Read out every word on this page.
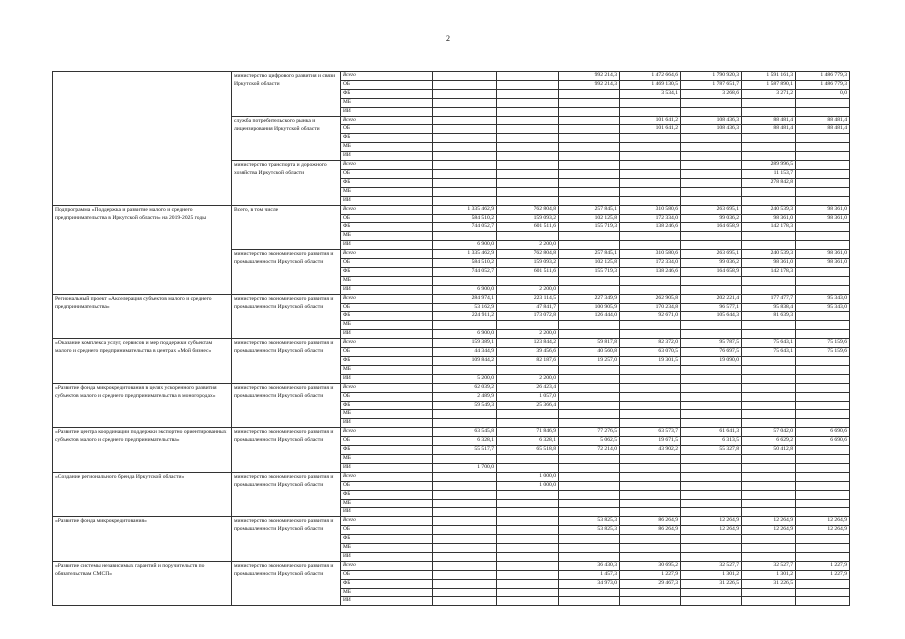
2
	министерство цифрового развития и связи Иркутской области	Всего			992 214,3	1 472 664,6	1 790 920,3	1 591 161,3	1 486 779,3
		ОБ			992 214,3	1 469 130,5	1 787 651,7	1 587 890,1	1 486 779,3
		ФБ				3 534,1	3 268,6	3 271,2	0,0
		МБ							
		ИИ							
	служба потребительского рынка и лицензирования Иркутской области	Всего				101 641,2	108 436,3	88 481,4	88 481,4
		ОБ				101 641,2	108 436,3	88 481,4	88 481,4
		ФБ							
		МБ							
		ИИ							
	министерство транспорта и дорожного хозяйства Иркутской области	Всего						289 996,5	
		ОБ						11 153,7	
		ФБ						278 842,8	
		МБ							
		ИИ							
Подпрограмма «Поддержка и развитие малого и среднего предпринимательства в Иркутской области» на 2019-2025 годы	Всего, в том числе	Всего	1 335 462,9	762 804,8	257 845,1	310 580,6	263 695,1	240 539,3	98 361,0
		ОБ	584 510,2	159 093,2	102 125,8	172 334,0	99 036,2	98 361,0	98 361,0
		ФБ	744 052,7	601 511,6	155 719,3	138 246,6	164 658,9	142 178,3	
		МБ							
		ИИ	6 900,0	2 200,0					
	министерство экономического развития и промышленности Иркутской области	Всего	1 335 462,9	762 804,8	257 845,1	310 580,6	263 695,1	240 539,3	98 361,0
		ОБ	584 510,2	159 093,2	102 125,8	172 334,0	99 036,2	98 361,0	98 361,0
		ФБ	744 052,7	601 511,6	155 719,3	138 246,6	164 658,9	142 178,3	
		МБ							
		ИИ	6 900,0	2 200,0					
Региональный проект «Акселерация субъектов малого и среднего предпринимательства»	министерство экономического развития и промышленности Иркутской области	Всего	284 974,1	223 114,5	227 349,9	262 905,8	202 221,4	177 477,7	95 343,0
		ОБ	53 162,9	47 841,7	100 905,9	170 234,8	96 577,1	95 838,4	95 343,0
		ФБ	224 911,2	173 072,8	126 444,0	92 671,0	105 644,3	81 639,3	
		МБ							
		ИИ	6 900,0	2 200,0					
«Оказание комплекса услуг, сервисов и мер поддержки субъектам малого и среднего предпринимательства в центрах «Мой бизнес»	министерство экономического развития и промышленности Иркутской области	Всего	159 389,1	123 844,2	59 817,8	82 372,0	95 787,5	75 643,1	75 159,6
		ОБ	44 344,9	39 456,6	40 560,8	63 070,5	76 697,5	75 643,1	75 159,6
		ФБ	109 844,2	82 187,6	19 257,0	19 301,5	19 090,0		
		МБ							
		ИИ	5 200,0	2 200,0					
«Развитие фонда микрокредитования в целях ускоренного развития субъектов малого и среднего предпринимательства в моногородах»	министерство экономического развития и промышленности Иркутской области	Всего	62 039,2	26 423,4					
		ОБ	2 489,9	1 057,0					
		ФБ	59 549,3	25 366,4					
		МБ							
		ИИ							
«Развитие центра координации поддержки экспортно ориентированных субъектов малого и среднего предпринимательства»	министерство экономического развития и промышленности Иркутской области	Всего	63 545,8	71 846,9	77 276,5	63 573,7	61 641,3	57 042,0	6 690,6
		ОБ	6 328,1	6 328,1	5 062,5	19 671,5	6 313,5	6 629,2	6 690,6
		ФБ	55 517,7	65 518,8	72 214,0	43 902,2	55 327,8	50 412,8	
		МБ							
		ИИ	1 700,0						
«Создание регионального бренда Иркутской области»	министерство экономического развития и промышленности Иркутской области	Всего		1 000,0					
		ОБ		1 000,0					
		ФБ							
		МБ							
		ИИ							
«Развитие фонда микрокредитования»	министерство экономического развития и промышленности Иркутской области	Всего			53 825,3	86 264,9	12 264,9	12 264,9	12 264,9
		ОБ			53 825,3	86 264,9	12 264,9	12 264,9	12 264,9
		ФБ							
		МБ							
		ИИ							
«Развитие системы независимых гарантий и поручительств по обязательствам СМСП»	министерство экономического развития и промышленности Иркутской области	Всего			36 430,3	30 695,2	32 527,7	32 527,7	1 227,9
		ОБ			1 457,3	1 227,9	1 301,2	1 301,2	1 227,9
		ФБ			34 973,0	29 467,3	31 226,5	31 226,5	
		МБ							
		ИИ							
